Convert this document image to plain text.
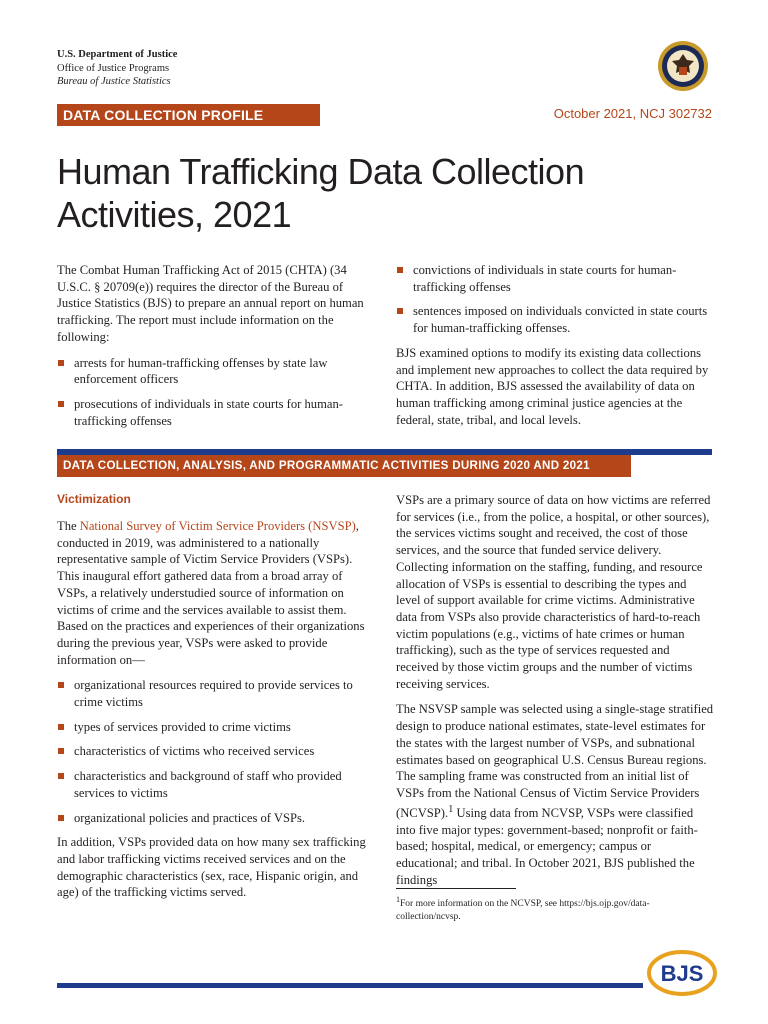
U.S. Department of Justice
Office of Justice Programs
Bureau of Justice Statistics
DATA COLLECTION PROFILE	October 2021, NCJ 302732
Human Trafficking Data Collection
Activities, 2021

The Combat Human Trafficking Act of 2015 (CHTA) (34 U.S.C. § 20709(e)) requires the director of the Bureau of Justice Statistics (BJS) to prepare an annual report on human trafficking. The report must include information on the following:

arrests for human-trafficking offenses by state law enforcement officers
prosecutions of individuals in state courts for human-trafficking offenses
convictions of individuals in state courts for human-trafficking offenses
sentences imposed on individuals convicted in state courts for human-trafficking offenses.

BJS examined options to modify its existing data collections and implement new approaches to collect the data required by CHTA. In addition, BJS assessed the availability of data on human trafficking among criminal justice agencies at the federal, state, tribal, and local levels.

DATA COLLECTION, ANALYSIS, AND PROGRAMMATIC ACTIVITIES DURING 2020 AND 2021
Victimization

The National Survey of Victim Service Providers (NSVSP), conducted in 2019, was administered to a nationally representative sample of Victim Service Providers (VSPs). This inaugural effort gathered data from a broad array of VSPs, a relatively understudied source of information on victims of crime and the services available to assist them. Based on the practices and experiences of their organizations during the previous year, VSPs were asked to provide information on—

organizational resources required to provide services to crime victims
types of services provided to crime victims
characteristics of victims who received services
characteristics and background of staff who provided services to victims
organizational policies and practices of VSPs.

In addition, VSPs provided data on how many sex trafficking and labor trafficking victims received services and on the demographic characteristics (sex, race, Hispanic origin, and age) of the trafficking victims served.

VSPs are a primary source of data on how victims are referred for services (i.e., from the police, a hospital, or other sources), the services victims sought and received, the cost of those services, and the source that funded service delivery. Collecting information on the staffing, funding, and resource allocation of VSPs is essential to describing the types and level of support available for crime victims. Administrative data from VSPs also provide characteristics of hard-to-reach victim populations (e.g., victims of hate crimes or human trafficking), such as the type of services requested and received by those victim groups and the number of victims receiving services.

The NSVSP sample was selected using a single-stage stratified design to produce national estimates, state-level estimates for the states with the largest number of VSPs, and subnational estimates based on geographical U.S. Census Bureau regions. The sampling frame was constructed from an initial list of VSPs from the National Census of Victim Service Providers (NCVSP).$^1$ Using data from NCVSP, VSPs were classified into five major types: government-based; nonprofit or faith-based; hospital, medical, or emergency; campus or educational; and tribal. In October 2021, BJS published the findings

$^1$For more information on the NCVSP, see https://bjs.ojp.gov/data-collection/ncvsp.
BJS
